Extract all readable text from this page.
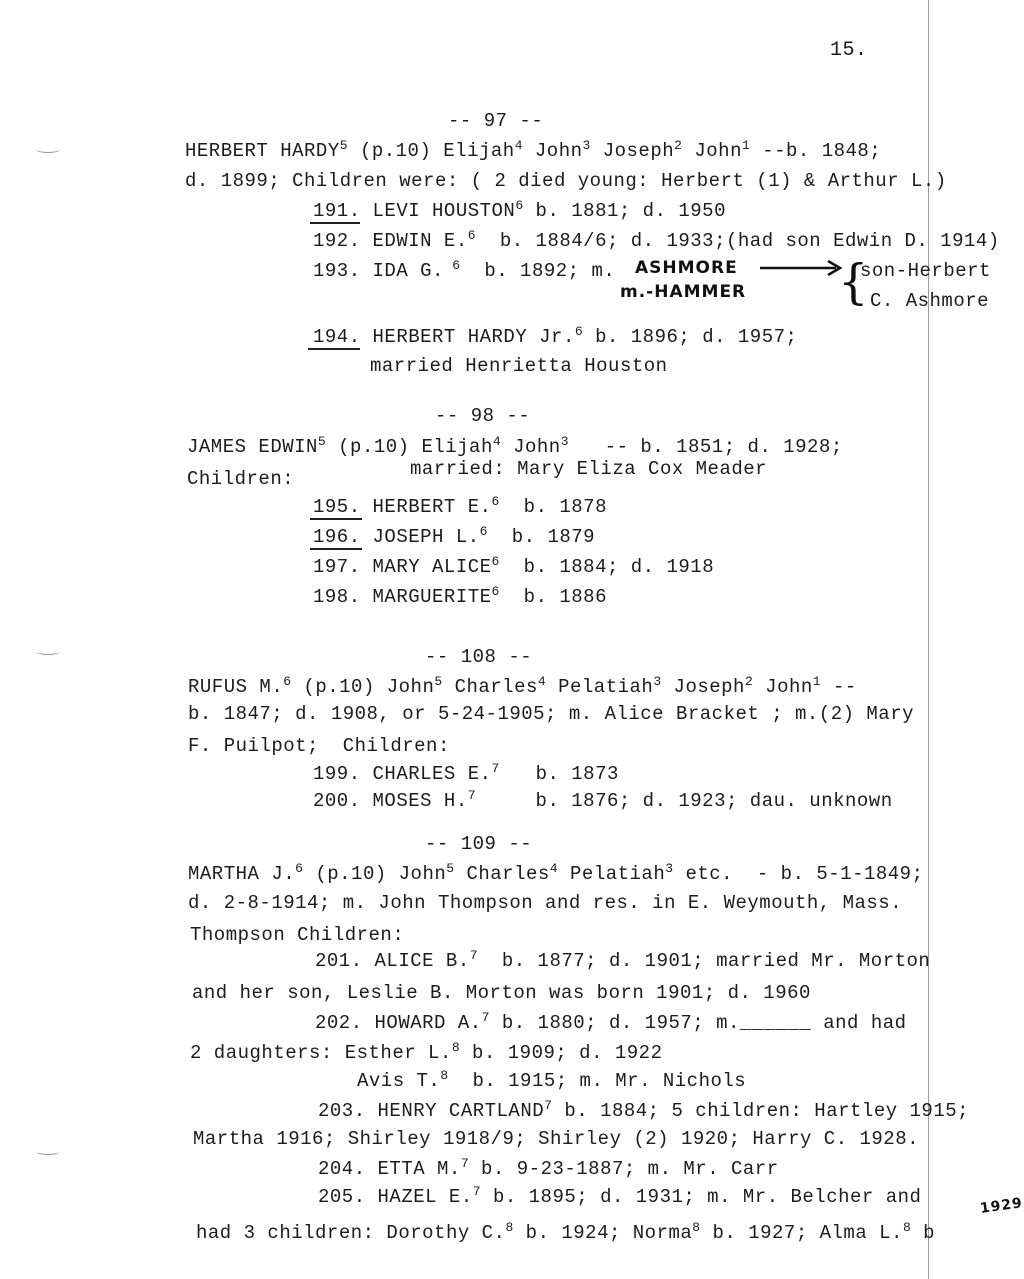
15.
-- 97 --
HERBERT HARDY$^5$ (p.10) Elijah$^4$ John$^3$ Joseph$^2$ John$^1$ --b. 1848;
d. 1899; Children were: ( 2 died young: Herbert (1) & Arthur L.)
191. LEVI HOUSTON$^6$ b. 1881; d. 1950
192. EDWIN E.$^6$  b. 1884/6; d. 1933;(had son Edwin D. 1914)
193. IDA G. $^6$  b. 1892; m. ASHMORE
m.-HAMMER {
son-Herbert
C. Ashmore
194. HERBERT HARDY Jr.$^6$ b. 1896; d. 1957;
married Henrietta Houston
-- 98 --
JAMES EDWIN$^5$ (p.10) Elijah$^4$ John$^3$   -- b. 1851; d. 1928;
Children:	married: Mary Eliza Cox Meader
195. HERBERT E.$^6$  b. 1878
196. JOSEPH L.$^6$  b. 1879
197. MARY ALICE$^6$  b. 1884; d. 1918
198. MARGUERITE$^6$  b. 1886
-- 108 --
RUFUS M.$^6$ (p.10) John$^5$ Charles$^4$ Pelatiah$^3$ Joseph$^2$ John$^1$ --
b. 1847; d. 1908, or 5-24-1905; m. Alice Bracket ; m.(2) Mary
F. Puilpot;  Children:
199. CHARLES E.$^7$   b. 1873
200. MOSES H.$^7$     b. 1876; d. 1923; dau. unknown
-- 109 --
MARTHA J.$^6$ (p.10) John$^5$ Charles$^4$ Pelatiah$^3$ etc.  - b. 5-1-1849;
d. 2-8-1914; m. John Thompson and res. in E. Weymouth, Mass.
Thompson Children:
201. ALICE B.$^7$  b. 1877; d. 1901; married Mr. Morton
and her son, Leslie B. Morton was born 1901; d. 1960
202. HOWARD A.$^7$ b. 1880; d. 1957; m.______ and had
2 daughters: Esther L.$^8$ b. 1909; d. 1922
Avis T.$^8$  b. 1915; m. Mr. Nichols
203. HENRY CARTLAND$^7$ b. 1884; 5 children: Hartley 1915;
Martha 1916; Shirley 1918/9; Shirley (2) 1920; Harry C. 1928.
204. ETTA M.$^7$ b. 9-23-1887; m. Mr. Carr
205. HAZEL E.$^7$ b. 1895; d. 1931; m. Mr. Belcher and
had 3 children: Dorothy C.$^8$ b. 1924; Norma$^8$ b. 1927; Alma L.$^8$ b
1929
